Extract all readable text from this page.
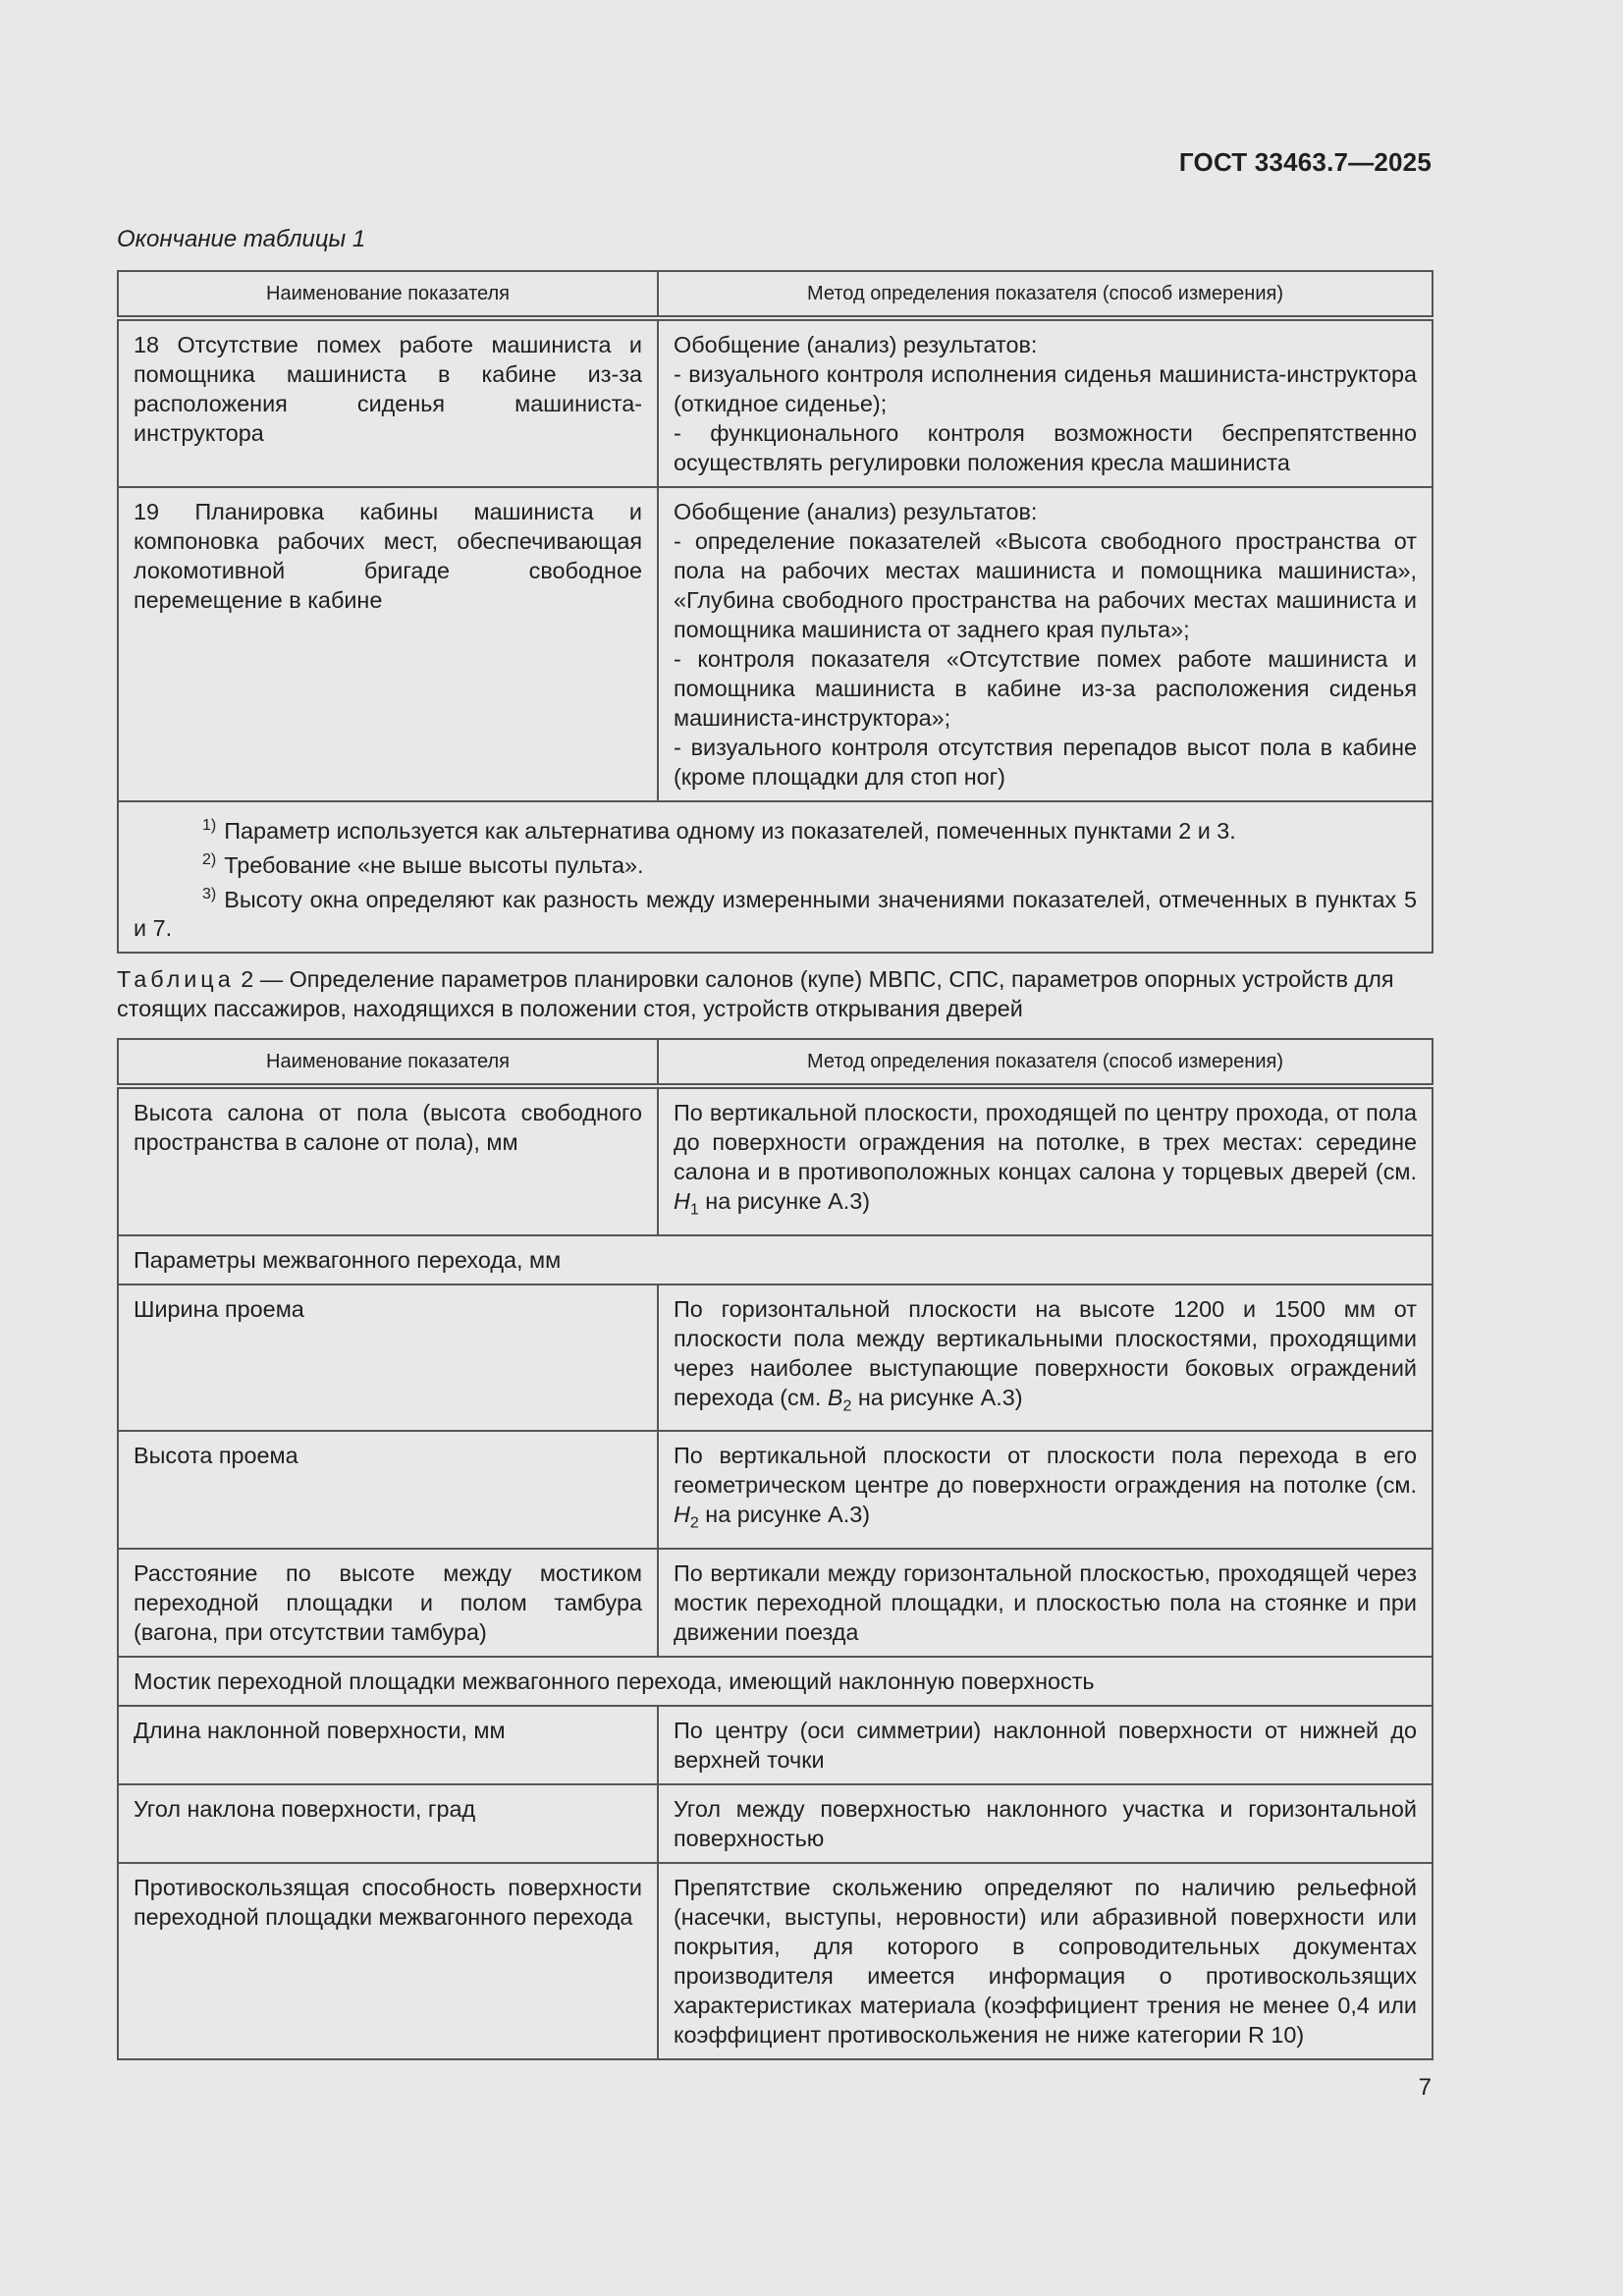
ГОСТ 33463.7—2025
Окончание таблицы 1
Наименование показателя	Метод определения показателя (способ измерения)
18 Отсутствие помех работе машиниста и помощника машиниста в кабине из-за расположения сиденья машиниста-инструктора	Обобщение (анализ) результатов:
- визуального контроля исполнения сиденья машиниста-инструктора (откидное сиденье);
- функционального контроля возможности беспрепятственно осуществлять регулировки положения кресла машиниста

19 Планировка кабины машиниста и компоновка рабочих мест, обеспечивающая локомотивной бригаде свободное перемещение в кабине	Обобщение (анализ) результатов:
- определение показателей «Высота свободного пространства от пола на рабочих местах машиниста и помощника машиниста», «Глубина свободного пространства на рабочих местах машиниста и помощника машиниста от заднего края пульта»;
- контроля показателя «Отсутствие помех работе машиниста и помощника машиниста в кабине из-за расположения сиденья машиниста-инструктора»;
- визуального контроля отсутствия перепадов высот пола в кабине (кроме площадки для стоп ног)

$^{1)}$ Параметр используется как альтернатива одному из показателей, помеченных пунктами 2 и 3.
$^{2)}$ Требование «не выше высоты пульта».
$^{3)}$ Высоту окна определяют как разность между измеренными значениями показателей, отмеченных в пунктах 5 и 7.	
Таблица 2 — Определение параметров планировки салонов (купе) МВПС, СПС, параметров опорных устройств для стоящих пассажиров, находящихся в положении стоя, устройств открывания дверей
Наименование показателя	Метод определения показателя (способ измерения)
Высота салона от пола (высота свободного пространства в салоне от пола), мм	По вертикальной плоскости, проходящей по центру прохода, от пола до поверхности ограждения на потолке, в трех местах: середине салона и в противоположных концах салона у торцевых дверей (см. $H_1$ на рисунке А.3)
Параметры межвагонного перехода, мм	
Ширина проема	По горизонтальной плоскости на высоте 1200 и 1500 мм от плоскости пола между вертикальными плоскостями, проходящими через наиболее выступающие поверхности боковых ограждений перехода (см. $B_2$ на рисунке А.3)
Высота проема	По вертикальной плоскости от плоскости пола перехода в его геометрическом центре до поверхности ограждения на потолке (см. $H_2$ на рисунке А.3)
Расстояние по высоте между мостиком переходной площадки и полом тамбура (вагона, при отсутствии тамбура)	По вертикали между горизонтальной плоскостью, проходящей через мостик переходной площадки, и плоскостью пола на стоянке и при движении поезда
Мостик переходной площадки межвагонного перехода, имеющий наклонную поверхность	
Длина наклонной поверхности, мм	По центру (оси симметрии) наклонной поверхности от нижней до верхней точки
Угол наклона поверхности, град	Угол между поверхностью наклонного участка и горизонтальной поверхностью
Противоскользящая способность поверхности переходной площадки межвагонного перехода	Препятствие скольжению определяют по наличию рельефной (насечки, выступы, неровности) или абразивной поверхности или покрытия, для которого в сопроводительных документах производителя имеется информация о противоскользящих характеристиках материала (коэффициент трения не менее 0,4 или коэффициент противоскольжения не ниже категории R 10)
7
